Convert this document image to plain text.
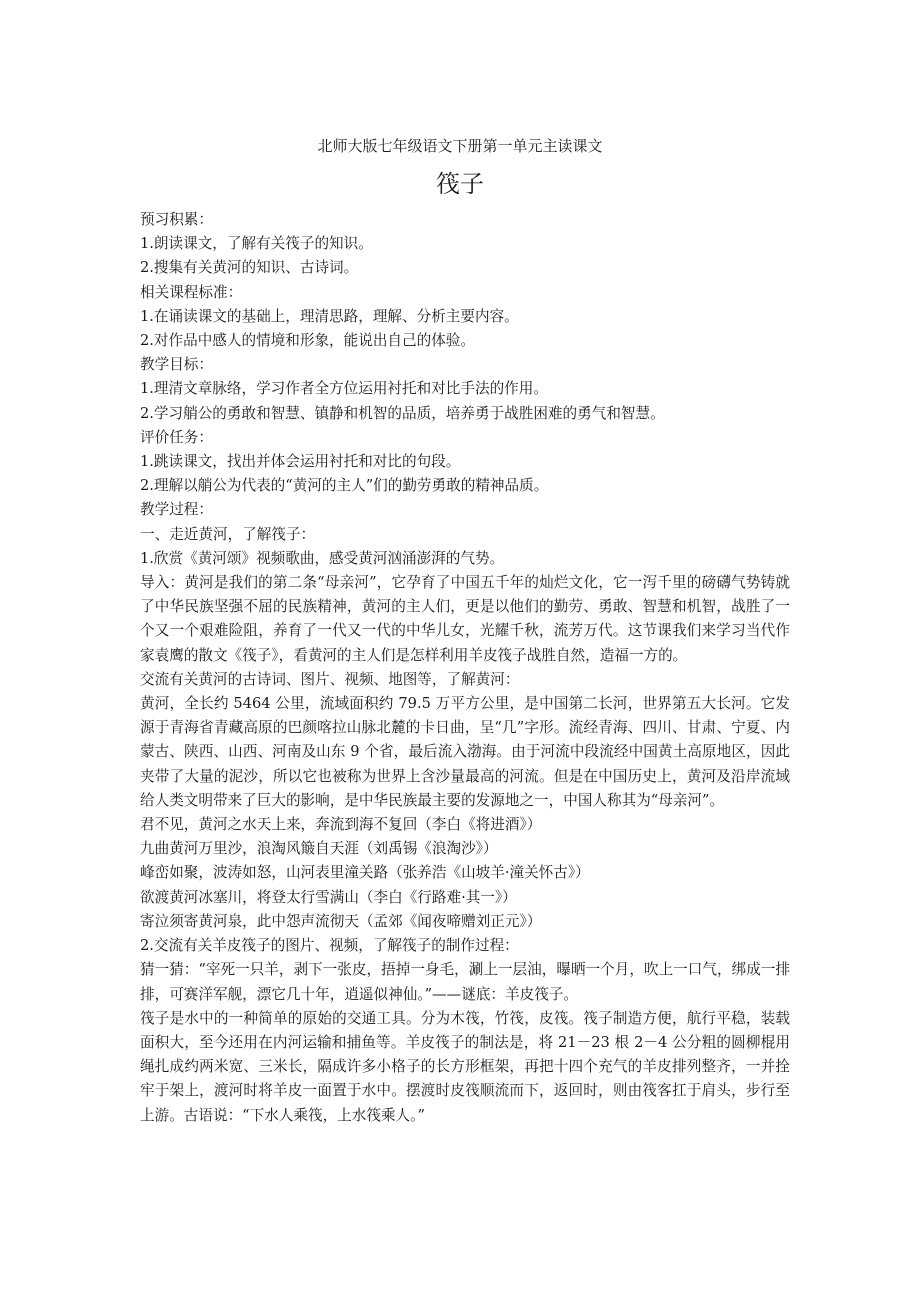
北师大版七年级语文下册第一单元主读课文
筏子

预习积累：

1.朗读课文，了解有关筏子的知识。

2.搜集有关黄河的知识、古诗词。

相关课程标准：

1.在诵读课文的基础上，理清思路，理解、分析主要内容。

2.对作品中感人的情境和形象，能说出自己的体验。

教学目标：

1.理清文章脉络，学习作者全方位运用衬托和对比手法的作用。

2.学习艄公的勇敢和智慧、镇静和机智的品质，培养勇于战胜困难的勇气和智慧。

评价任务：

1.跳读课文，找出并体会运用衬托和对比的句段。

2.理解以艄公为代表的“黄河的主人”们的勤劳勇敢的精神品质。

教学过程：

一、走近黄河，了解筏子：

1.欣赏《黄河颂》视频歌曲，感受黄河汹涌澎湃的气势。

导入：黄河是我们的第二条“母亲河”，它孕育了中国五千年的灿烂文化，它一泻千里的磅礴气势铸就了中华民族坚强不屈的民族精神，黄河的主人们，更是以他们的勤劳、勇敢、智慧和机智，战胜了一个又一个艰难险阻，养育了一代又一代的中华儿女，光耀千秋，流芳万代。这节课我们来学习当代作家袁鹰的散文《筏子》，看黄河的主人们是怎样利用羊皮筏子战胜自然，造福一方的。

交流有关黄河的古诗词、图片、视频、地图等，了解黄河：

黄河，全长约 5464 公里，流域面积约 79.5 万平方公里，是中国第二长河，世界第五大长河。它发源于青海省青藏高原的巴颜喀拉山脉北麓的卡日曲，呈“几”字形。流经青海、四川、甘肃、宁夏、内蒙古、陕西、山西、河南及山东 9 个省，最后流入渤海。由于河流中段流经中国黄土高原地区，因此夹带了大量的泥沙，所以它也被称为世界上含沙量最高的河流。但是在中国历史上，黄河及沿岸流域给人类文明带来了巨大的影响，是中华民族最主要的发源地之一，中国人称其为“母亲河”。

君不见，黄河之水天上来，奔流到海不复回（李白《将进酒》）

九曲黄河万里沙，浪淘风簸自天涯（刘禹锡《浪淘沙》）

峰峦如聚，波涛如怒，山河表里潼关路（张养浩《山坡羊·潼关怀古》）

欲渡黄河冰塞川，将登太行雪满山（李白《行路难·其一》）

寄泣须寄黄河泉，此中怨声流彻天（孟郊《闻夜啼赠刘正元》）

2.交流有关羊皮筏子的图片、视频，了解筏子的制作过程：

猜一猜：“宰死一只羊，剥下一张皮，捂掉一身毛，涮上一层油，曝晒一个月，吹上一口气，绑成一排排，可赛洋军舰，漂它几十年，逍遥似神仙。”——谜底：羊皮筏子。

筏子是水中的一种简单的原始的交通工具。分为木筏，竹筏，皮筏。筏子制造方便，航行平稳，装载面积大，至今还用在内河运输和捕鱼等。羊皮筏子的制法是，将 21－23 根 2－4 公分粗的圆柳棍用绳扎成约两米宽、三米长，隔成许多小格子的长方形框架，再把十四个充气的羊皮排列整齐，一并拴牢于架上，渡河时将羊皮一面置于水中。摆渡时皮筏顺流而下，返回时，则由筏客扛于肩头，步行至上游。古语说：“下水人乘筏，上水筏乘人。”
